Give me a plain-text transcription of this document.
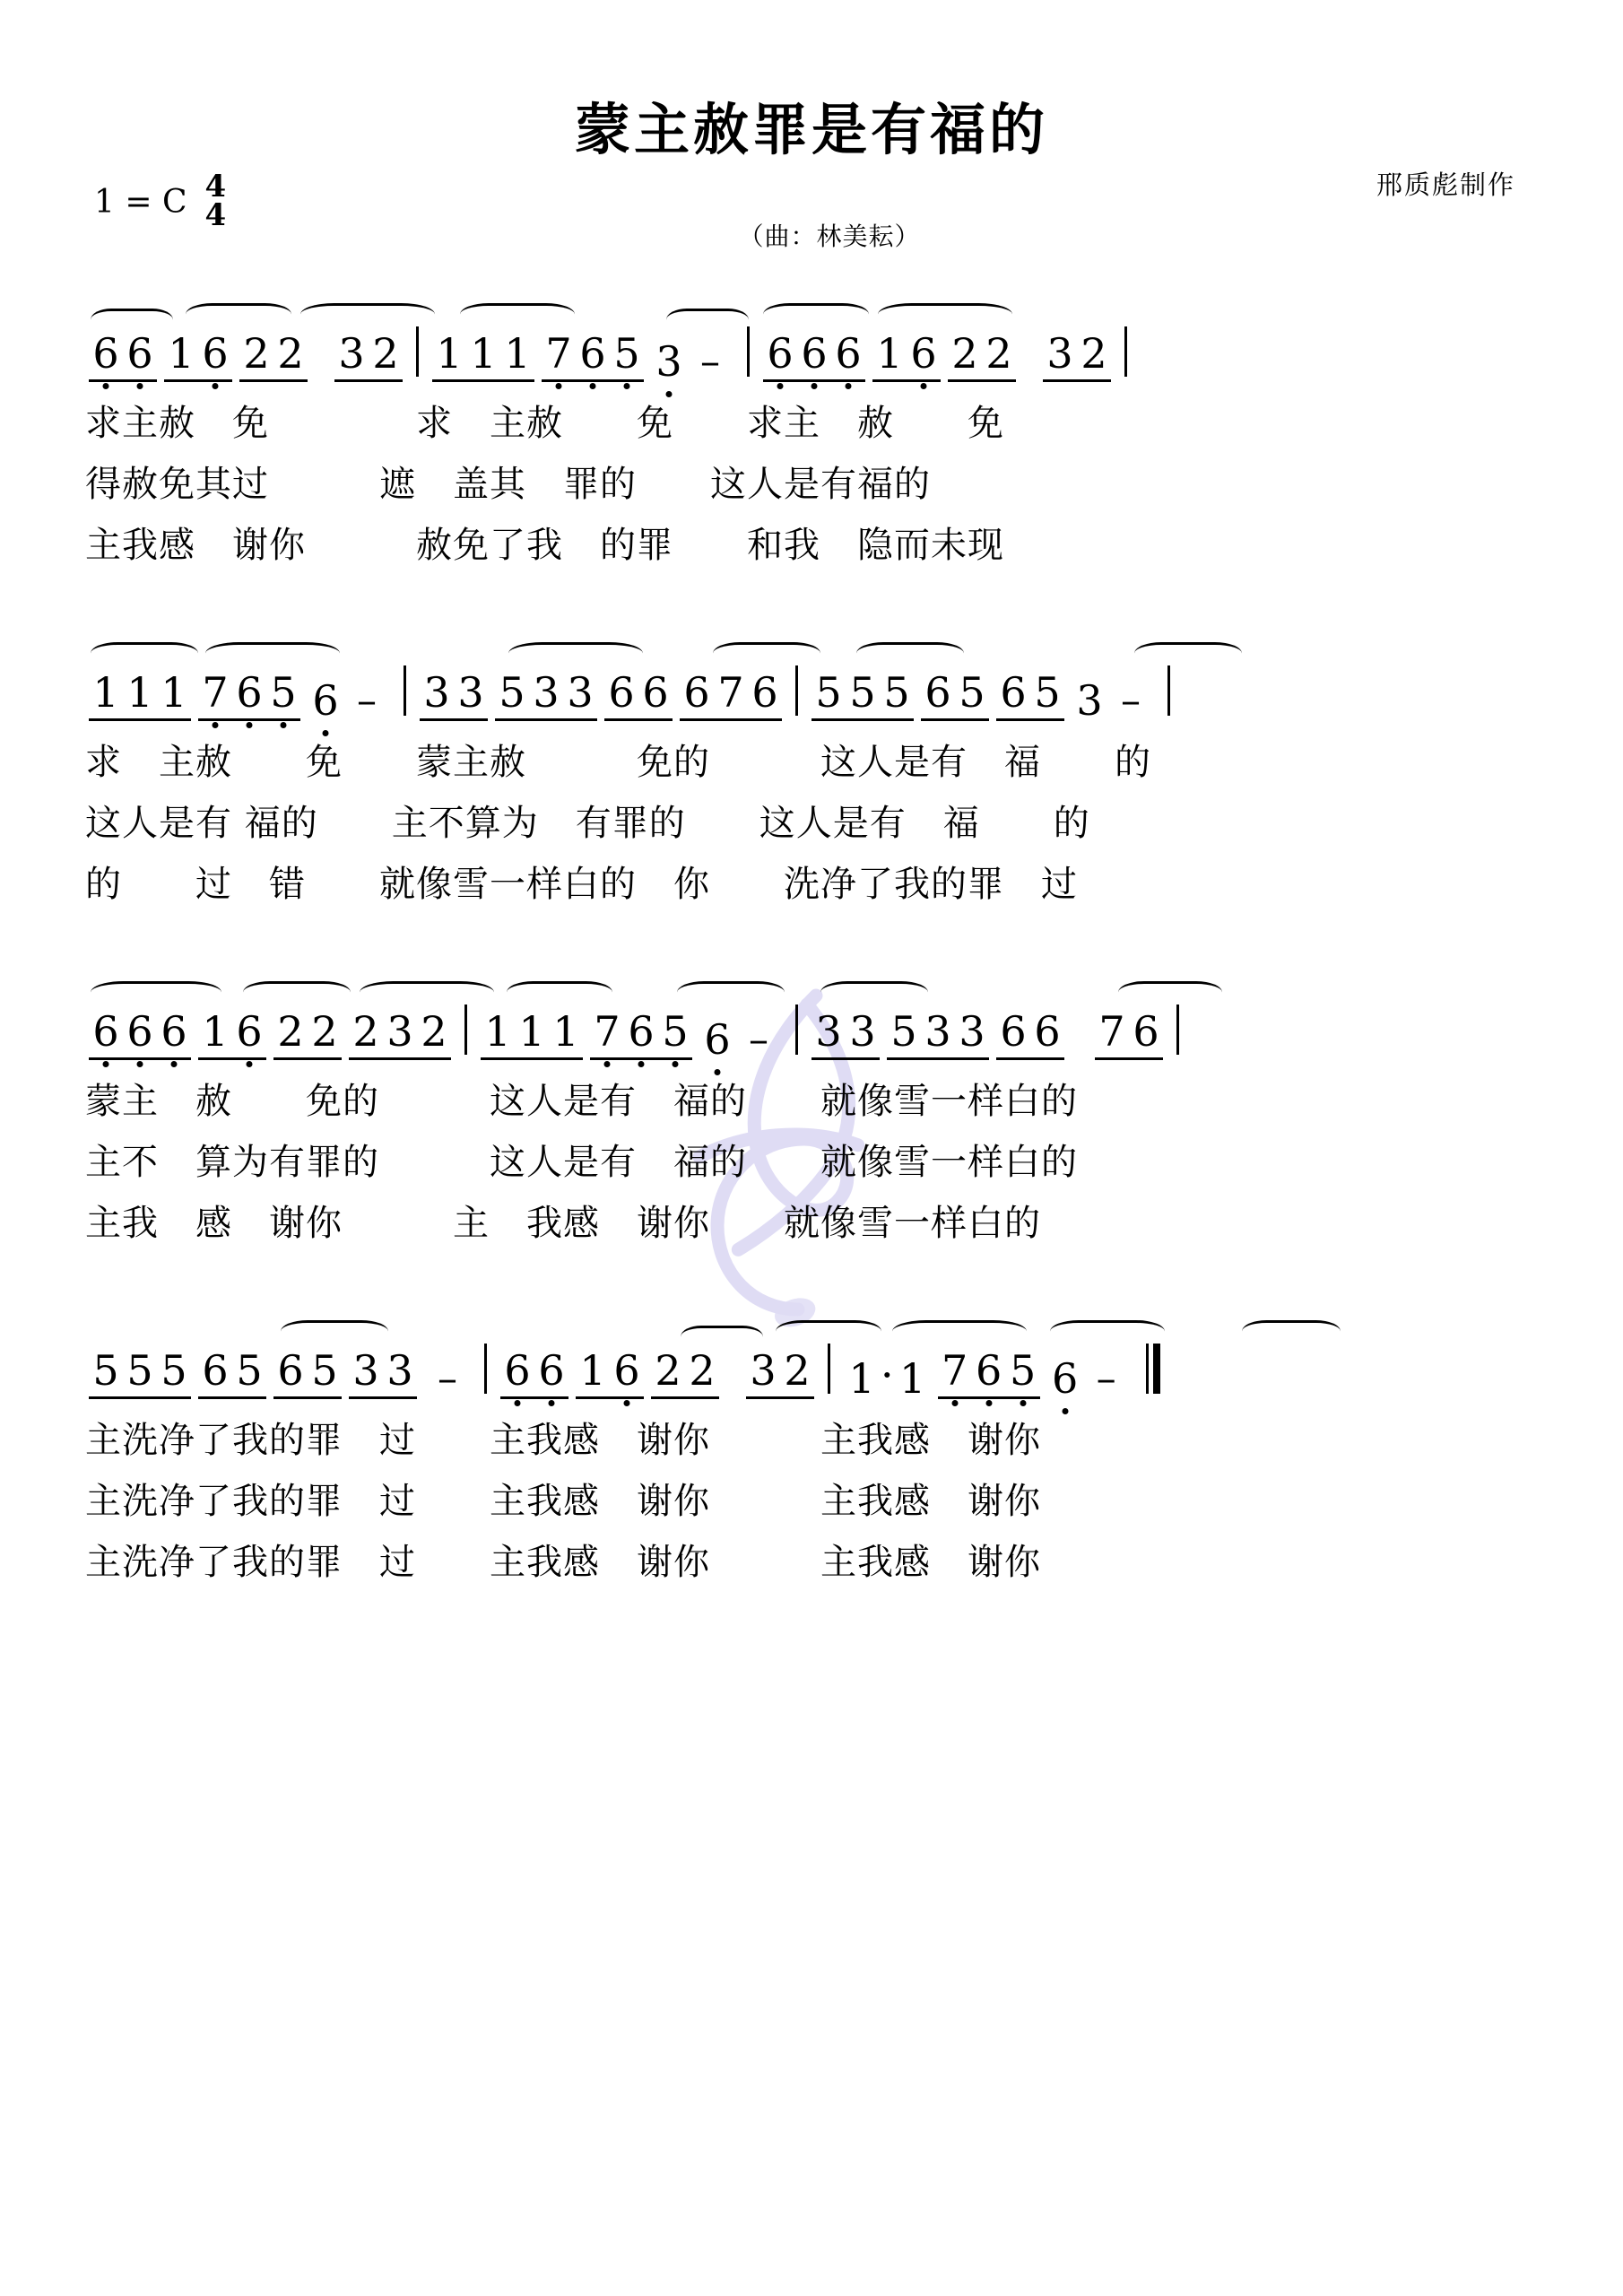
蒙主赦罪是有福的
1 = C 4
4
邢质彪制作
（曲：林美耘）
6 6 1 6 2 2 3 2 1 1 1 7 6 5 3 – 6 6 6 1 6 2 2 3 2
求主赦　免　　　　求　主赦　　免　　求主　赦　　免
得赦免其过　　　遮　盖其　罪的　　这人是有福的
主我感　谢你　　　赦免了我　的罪　　和我　隐而未现
1 1 1 7 6 5 6 – 3 3 5 3 3 6 6 6 7 6 5 5 5 6 5 6 5 3 –
求　主赦　　免　　蒙主赦　　　免的　　　这人是有　福　　的
这人是有 福的　　主不算为　有罪的　　这人是有　福　　的
的　　过　错　　就像雪一样白的　你　　洗净了我的罪　过
6 6 6 1 6 2 2 2 3 2 1 1 1 7 6 5 6 – 3 3 5 3 3 6 6 7 6
蒙主　赦　　免的　　　这人是有　福的　　就像雪一样白的
主不　算为有罪的　　　这人是有　福的　　就像雪一样白的
主我　感　谢你　　　主　我感　谢你　　就像雪一样白的
5 5 5 6 5 6 5 3 3 – 6 6 1 6 2 2 3 2 1 · 1 7 6 5 6 –
主洗净了我的罪　过　　主我感　谢你　　　主我感　谢你
主洗净了我的罪　过　　主我感　谢你　　　主我感　谢你
主洗净了我的罪　过　　主我感　谢你　　　主我感　谢你
